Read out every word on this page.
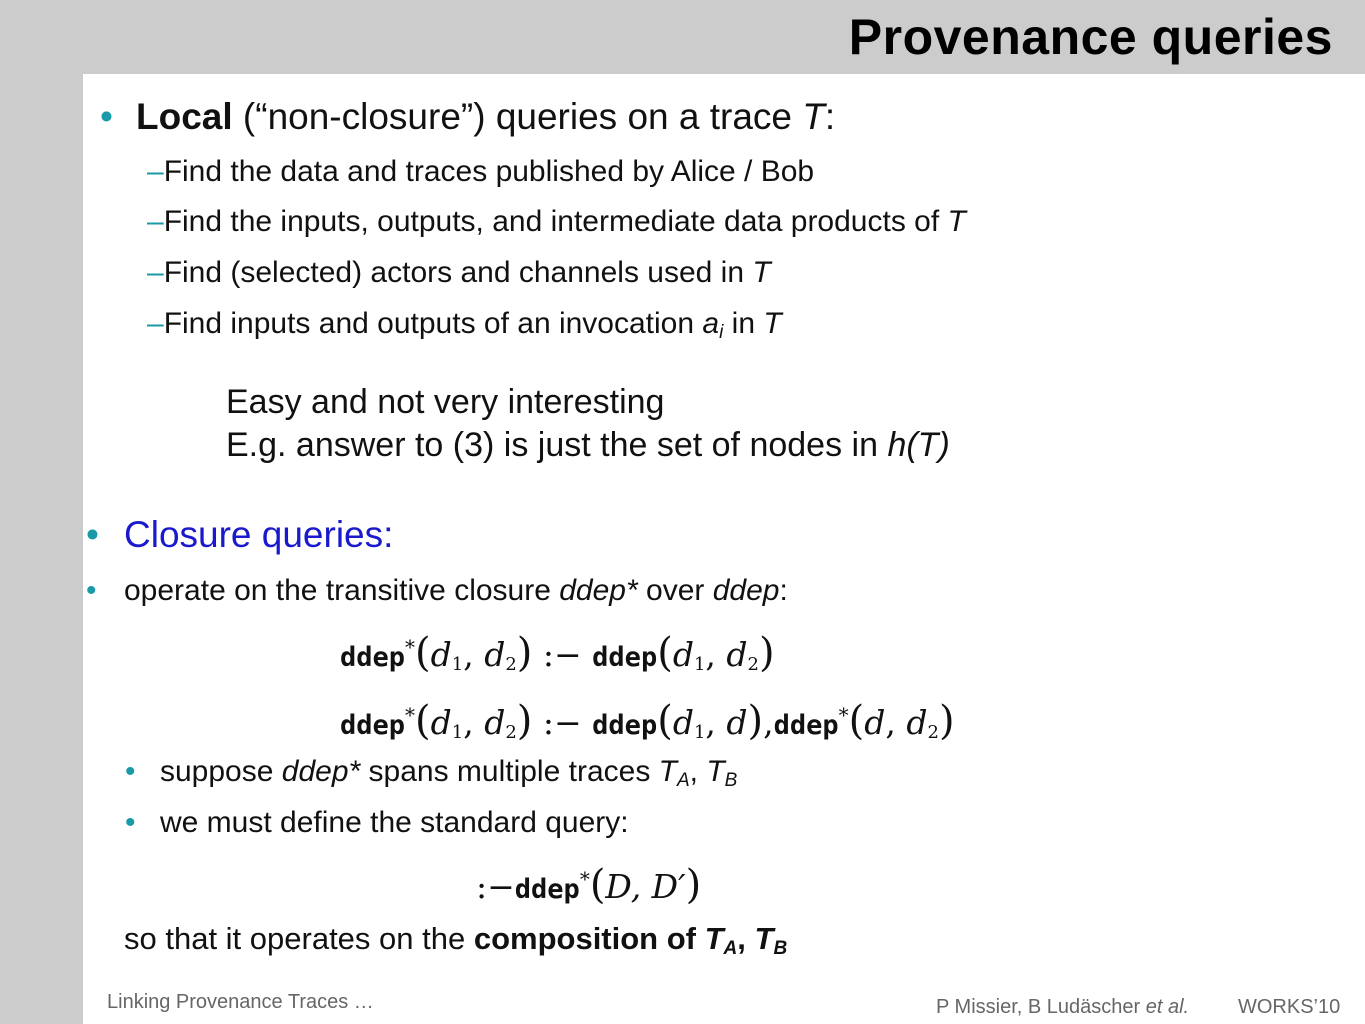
Provenance queries
• Local (“non-closure”) queries on a trace T:
–Find the data and traces published by Alice / Bob
–Find the inputs, outputs, and intermediate data products of T
–Find (selected) actors and channels used in T
–Find inputs and outputs of an invocation ai in T
Easy and not very interesting
E.g. answer to (3) is just the set of nodes in h(T)
• Closure queries:
• operate on the transitive closure ddep* over ddep:
$ddep^*(d_1$, $d_2$) :− $ddep(d_1$, $d_2$)
$ddep^*(d_1$, $d_2$) :− $ddep(d_1$, d),ddep*(d, $d_2$)
• suppose ddep* spans multiple traces TA, TB
• we must define the standard query:
:−ddep*(D, D′)
so that it operates on the composition of TA, TB
Linking Provenance Traces …	P Missier, B Ludäscher et al. WORKS’10
